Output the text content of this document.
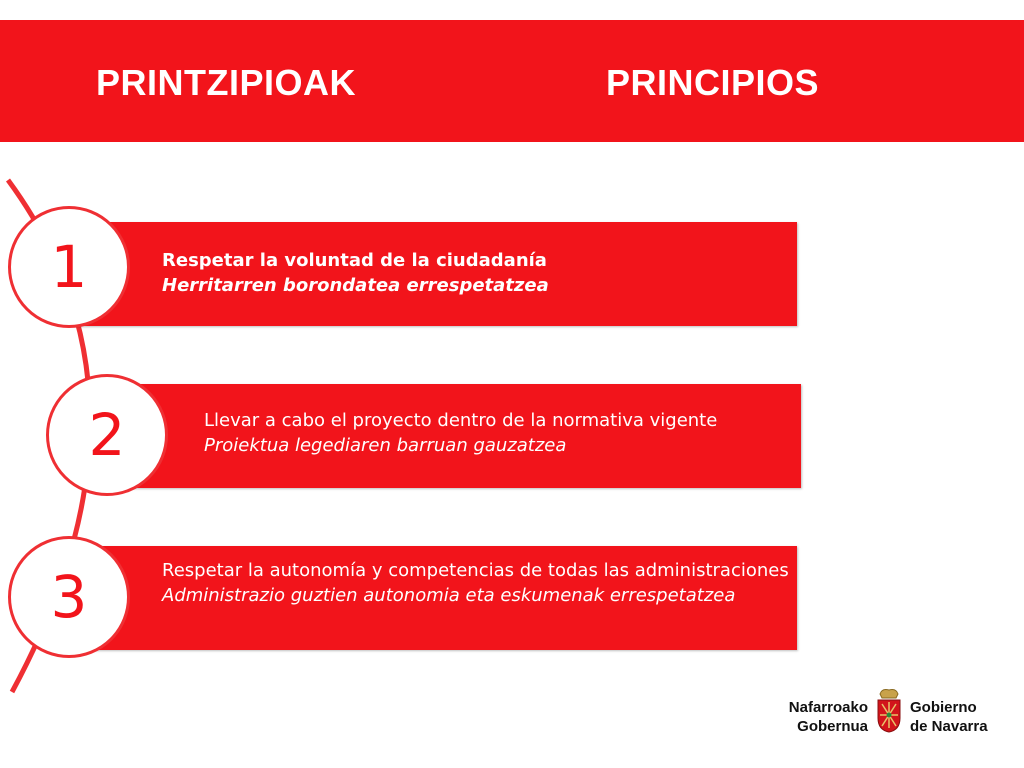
PRINTZIPIOAK	PRINCIPIOS
Respetar la voluntad de la ciudadanía
Herritarren borondatea errespetatzea
Llevar a cabo el proyecto dentro de la normativa vigente
Proiektua legediaren barruan gauzatzea
Respetar la autonomía y competencias de todas las administraciones
Administrazio guztien autonomia eta eskumenak errespetatzea
1
2
3
Nafarroako
Gobernua
Gobierno
de Navarra
